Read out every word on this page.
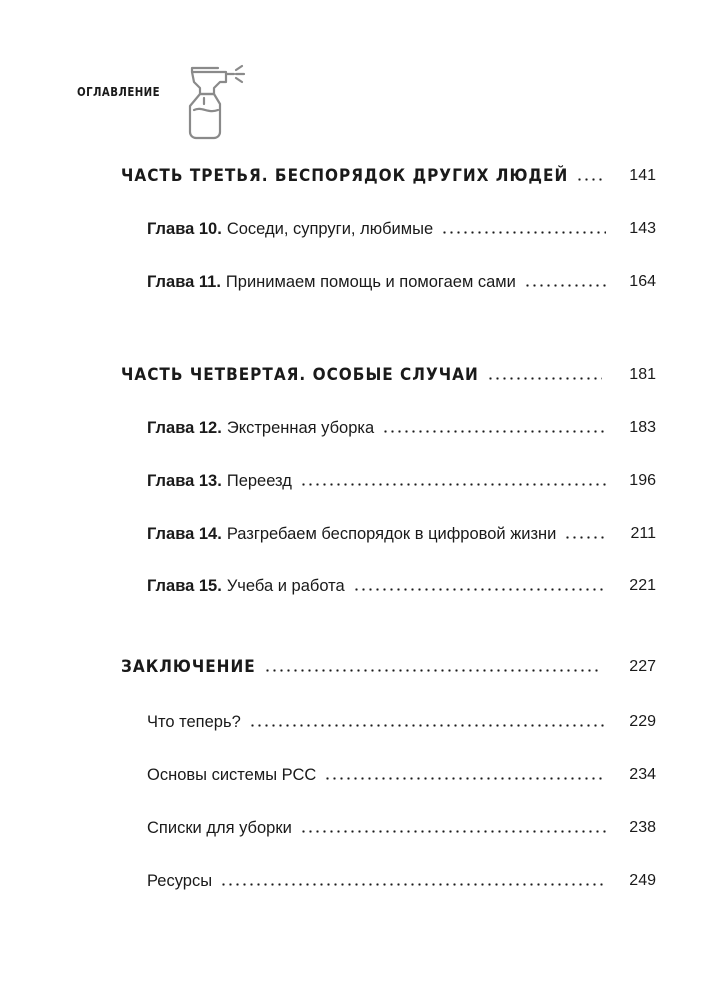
ОГЛАВЛЕНИЕ
ЧАСТЬ ТРЕТЬЯ. БЕСПОРЯДОК ДРУГИХ ЛЮДЕЙ	141
Глава 10. Соседи, супруги, любимые	143
Глава 11. Принимаем помощь и помогаем сами	164
ЧАСТЬ ЧЕТВЕРТАЯ. ОСОБЫЕ СЛУЧАИ	181
Глава 12. Экстренная уборка	183
Глава 13. Переезд	196
Глава 14. Разгребаем беспорядок в цифровой жизни	211
Глава 15. Учеба и работа	221
ЗАКЛЮЧЕНИЕ	227
Что теперь?	229
Основы системы РСС	234
Списки для уборки	238
Ресурсы	249
